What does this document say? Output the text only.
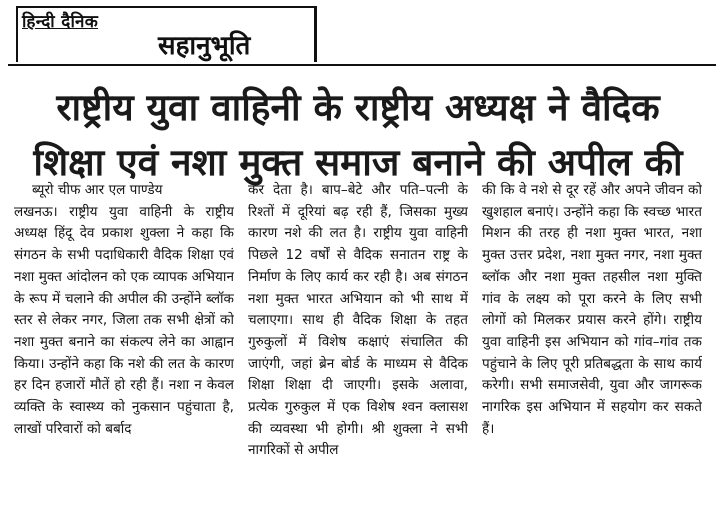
हिन्दी दैनिक
सहानुभूति
राष्ट्रीय युवा वाहिनी के राष्ट्रीय अध्यक्ष ने वैदिक
शिक्षा एवं नशा मुक्त समाज बनाने की अपील की
ब्यूरो चीफ आर एल पाण्डेय

लखनऊ। राष्ट्रीय युवा वाहिनी के राष्ट्रीय अध्यक्ष हिंदू देव प्रकाश शुक्ला ने कहा कि संगठन के सभी पदाधिकारी वैदिक शिक्षा एवं नशा मुक्त आंदोलन को एक व्यापक अभियान के रूप में चलाने की अपील की उन्होंने ब्लॉक स्तर से लेकर नगर, जिला तक सभी क्षेत्रों को नशा मुक्त बनाने का संकल्प लेने का आह्वान किया। उन्होंने कहा कि नशे की लत के कारण हर दिन हजारों मौतें हो रही हैं। नशा न केवल व्यक्ति के स्वास्थ्य को नुकसान पहुंचाता है, लाखों परिवारों को बर्बाद

कर देता है। बाप–बेटे और पति–पत्नी के रिश्तों में दूरियां बढ़ रही हैं, जिसका मुख्य कारण नशे की लत है। राष्ट्रीय युवा वाहिनी पिछले 12 वर्षों से वैदिक सनातन राष्ट्र के निर्माण के लिए कार्य कर रही है। अब संगठन नशा मुक्त भारत अभियान को भी साथ में चलाएगा। साथ ही वैदिक शिक्षा के तहत गुरुकुलों में विशेष कक्षाएं संचालित की जाएंगी, जहां ब्रेन बोर्ड के माध्यम से वैदिक शिक्षा शिक्षा दी जाएगी। इसके अलावा, प्रत्येक गुरुकुल में एक विशेष श्वन क्लासश की व्यवस्था भी होगी। श्री शुक्ला ने सभी नागरिकों से अपील

की कि वे नशे से दूर रहें और अपने जीवन को खुशहाल बनाएं। उन्होंने कहा कि स्वच्छ भारत मिशन की तरह ही नशा मुक्त भारत, नशा मुक्त उत्तर प्रदेश, नशा मुक्त नगर, नशा मुक्त ब्लॉक और नशा मुक्त तहसील नशा मुक्ति गांव के लक्ष्य को पूरा करने के लिए सभी लोगों को मिलकर प्रयास करने होंगे। राष्ट्रीय युवा वाहिनी इस अभियान को गांव–गांव तक पहुंचाने के लिए पूरी प्रतिबद्धता के साथ कार्य करेगी। सभी समाजसेवी, युवा और जागरूक नागरिक इस अभियान में सहयोग कर सकते हैं।
